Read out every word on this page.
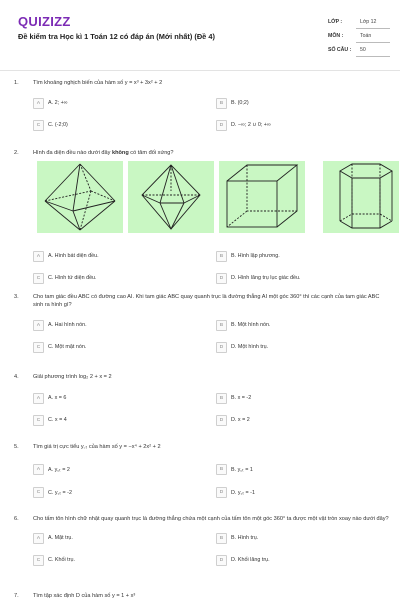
QUIZIZZ
Đề kiểm tra Học kì 1 Toán 12 có đáp án (Mới nhất) (Đề 4)
LỚP :	Lớp 12
MÔN :	Toán
SỐ CÂU :	50
1.	Tìm khoảng nghịch biến của hàm số y = x³ + 3x² + 2
A	A. 2; +∞	B	B. (0;2)
C	C. (-2;0)	D	D. −∞; 2 ∪ 0; +∞
2.	Hình đa diện đều nào dưới đây không có tâm đối xứng?
A	A. Hình bát diện đều.	B	B. Hình lập phương.
C	C. Hình tứ diện đều.	D	D. Hình lăng trụ lục giác đều.
3.	Cho tam giác đều ABC có đường cao AI. Khi tam giác ABC quay quanh trục là đường thẳng AI một góc 360° thì các cạnh của tam giác ABC sinh ra hình gì?
A	A. Hai hình nón.	B	B. Một hình nón.
C	C. Một mặt nón.	D	D. Một hình trụ.
4.	Giải phương trình log₂ 2 + x = 2
A	A. x = 6	B	B. x = -2
C	C. x = 4	D	D. x = 2
5.	Tìm giá trị cực tiểu y꜀ₜ của hàm số y = −x⁴ + 2x² + 2
A	A. y꜀ₜ = 2	B	B. y꜀ₜ = 1
C	C. y꜀ₜ = -2	D	D. y꜀ₜ = -1
6.	Cho tấm tôn hình chữ nhật quay quanh trục là đường thẳng chứa một cạnh của tấm tôn một góc 360° ta được một vật tròn xoay nào dưới đây?
A	A. Mặt trụ.	B	B. Hình trụ.
C	C. Khối trụ.	D	D. Khối lăng trụ.
7.	Tìm tập xác định D của hàm số y = 1 + x³
